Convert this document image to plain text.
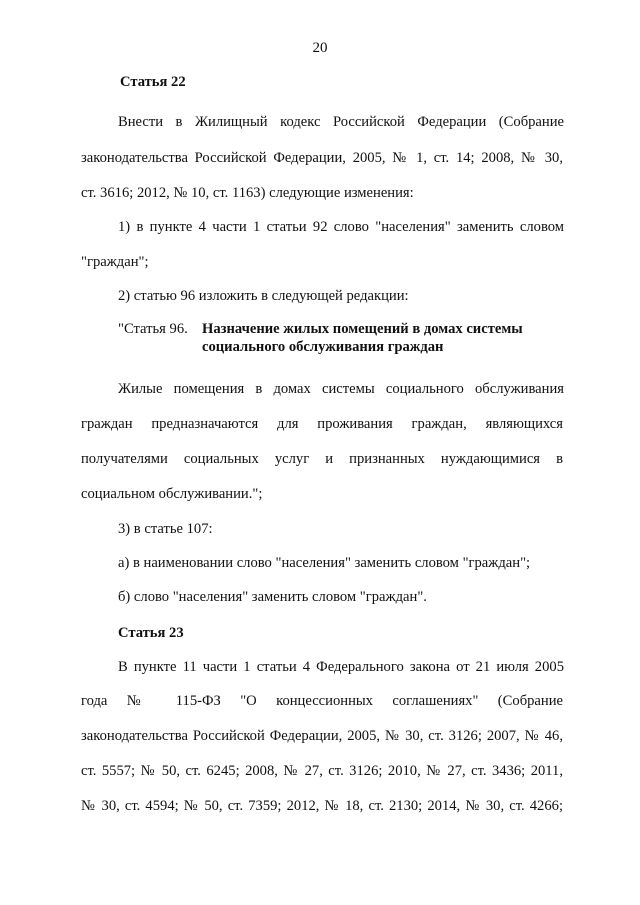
20
Статья 22
Внести в Жилищный кодекс Российской Федерации (Собрание
законодательства Российской Федерации, 2005, № 1, ст. 14; 2008, № 30,
ст. 3616; 2012, № 10, ст. 1163) следующие изменения:
1) в пункте 4 части 1 статьи 92 слово "населения" заменить словом
"граждан";
2) статью 96 изложить в следующей редакции:
"Статья 96. Назначение жилых помещений в домах системы
социального обслуживания граждан
Жилые помещения в домах системы социального обслуживания
граждан предназначаются для проживания граждан, являющихся
получателями социальных услуг и признанных нуждающимися в
социальном обслуживании.";
3) в статье 107:
а) в наименовании слово "населения" заменить словом "граждан";
б) слово "населения" заменить словом "граждан".
Статья 23
В пункте 11 части 1 статьи 4 Федерального закона от 21 июля 2005
года № 115-ФЗ "О концессионных соглашениях" (Собрание
законодательства Российской Федерации, 2005, № 30, ст. 3126; 2007, № 46,
ст. 5557; № 50, ст. 6245; 2008, № 27, ст. 3126; 2010, № 27, ст. 3436; 2011,
№ 30, ст. 4594; № 50, ст. 7359; 2012, № 18, ст. 2130; 2014, № 30, ст. 4266;
